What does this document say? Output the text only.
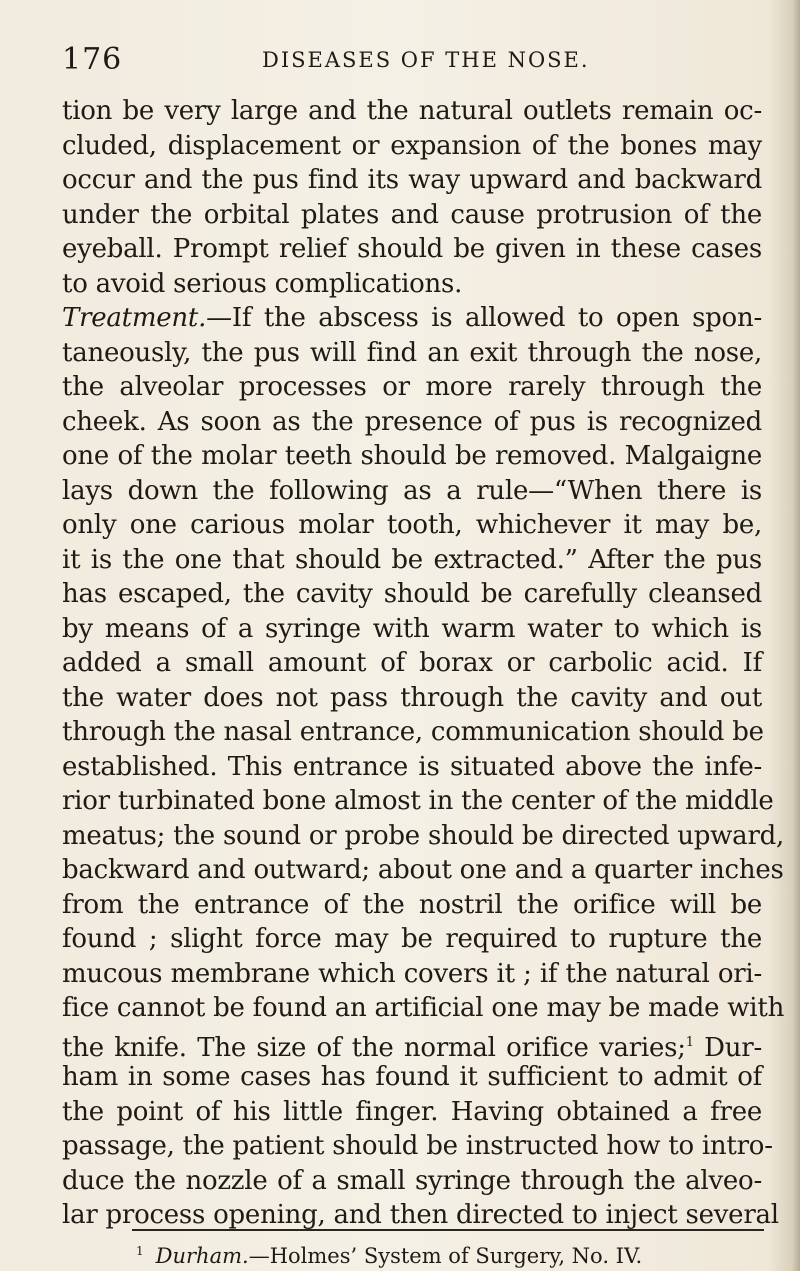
176	DISEASES OF THE NOSE.
tion be very large and the natural outlets remain oc-
cluded, displacement or expansion of the bones may
occur and the pus find its way upward and backward
under the orbital plates and cause protrusion of the
eyeball. Prompt relief should be given in these cases
to avoid serious complications.
Treatment.—If the abscess is allowed to open spon-
taneously, the pus will find an exit through the nose,
the alveolar processes or more rarely through the
cheek. As soon as the presence of pus is recognized
one of the molar teeth should be removed. Malgaigne
lays down the following as a rule—“When there is
only one carious molar tooth, whichever it may be,
it is the one that should be extracted.” After the pus
has escaped, the cavity should be carefully cleansed
by means of a syringe with warm water to which is
added a small amount of borax or carbolic acid. If
the water does not pass through the cavity and out
through the nasal entrance, communication should be
established. This entrance is situated above the infe-
rior turbinated bone almost in the center of the middle
meatus; the sound or probe should be directed upward,
backward and outward; about one and a quarter inches
from the entrance of the nostril the orifice will be
found ; slight force may be required to rupture the
mucous membrane which covers it ; if the natural ori-
fice cannot be found an artificial one may be made with
the knife. The size of the normal orifice varies;$^1$ Dur-
ham in some cases has found it sufficient to admit of
the point of his little finger. Having obtained a free
passage, the patient should be instructed how to intro-
duce the nozzle of a small syringe through the alveo-
lar process opening, and then directed to inject several
$^1$ Durham.—Holmes’ System of Surgery, No. IV.
